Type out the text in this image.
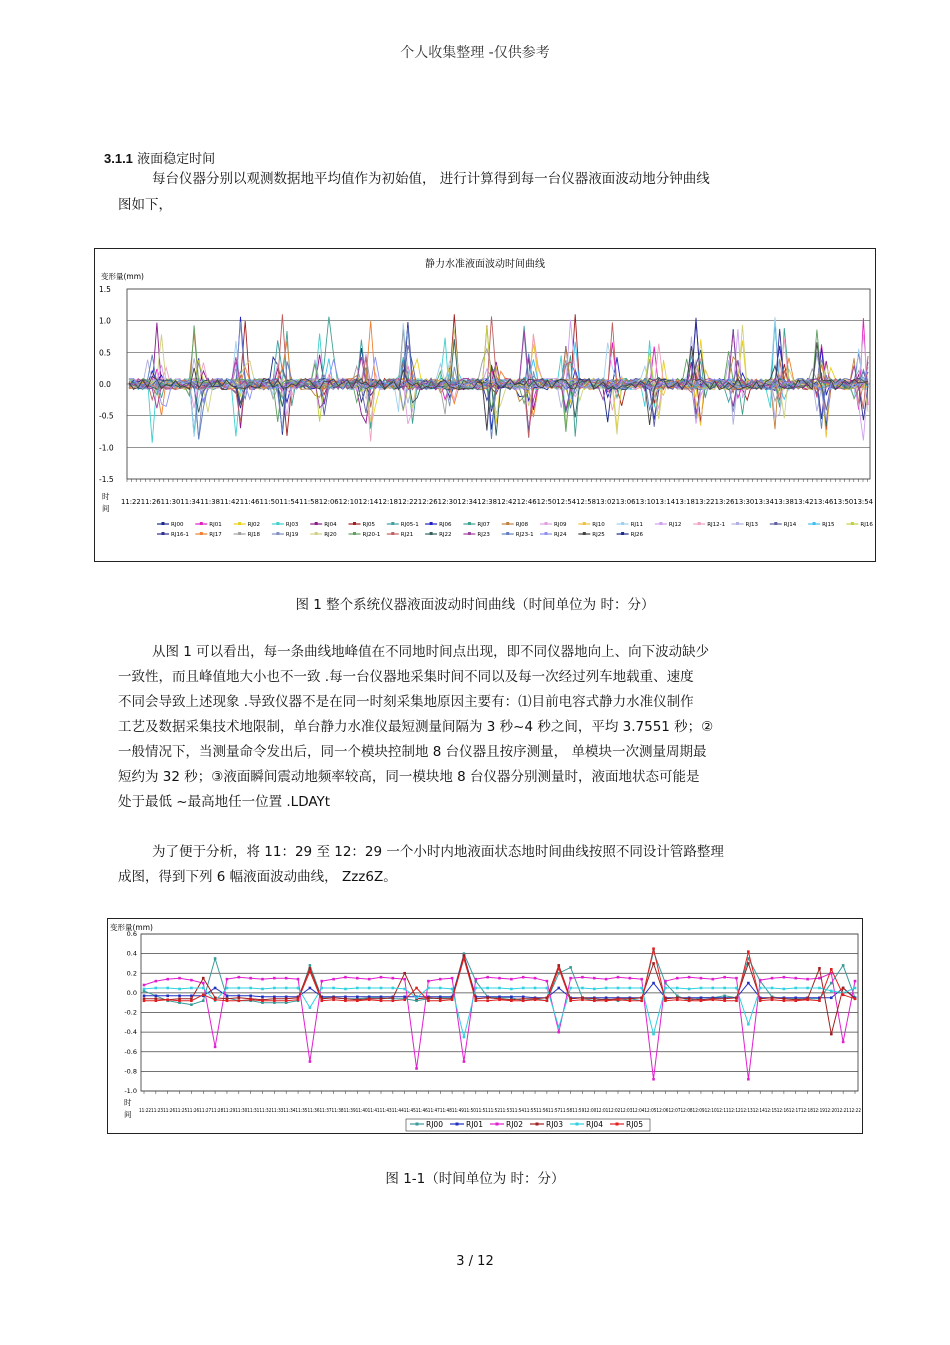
个人收集整理 -仅供参考
3.1.1 液面稳定时间
每台仪器分别以观测数据地平均值作为初始值， 进行计算得到每一台仪器液面波动地分钟曲线
图如下，
静力水准液面波动时间曲线
变形量(mm)
1.5
1.0
0.5
0.0
-0.5
-1.0
-1.5
时
间
11:2211:2611:3011:3411:3811:4211:4611:5011:5411:5812:0612:1012:1412:1812:2212:2612:3012:3412:3812:4212:4612:5012:5412:5813:0213:0613:1013:1413:1813:2213:2613:3013:3413:3813:4213:4613:5013:54
RJ00	RJ01	RJ02	RJ03	RJ04	RJ05	RJ05-1	RJ06	RJ07	RJ08	RJ09	RJ10	RJ11	RJ12	RJ12-1	RJ13	RJ14	RJ15	RJ16
RJ16-1	RJ17	RJ18	RJ19	RJ20	RJ20-1	RJ21	RJ22	RJ23	RJ23-1	RJ24	RJ25	RJ26
图 1 整个系统仪器液面波动时间曲线（时间单位为 时：分）
从图 1 可以看出，每一条曲线地峰值在不同地时间点出现，即不同仪器地向上、向下波动缺少
一致性，而且峰值地大小也不一致 .每一台仪器地采集时间不同以及每一次经过列车地载重、速度
不同会导致上述现象 .导致仪器不是在同一时刻采集地原因主要有：⑴目前电容式静力水准仪制作
工艺及数据采集技术地限制，单台静力水准仪最短测量间隔为 3 秒~4 秒之间，平均 3.7551 秒；②
一般情况下，当测量命令发出后，同一个模块控制地 8 台仪器且按序测量， 单模块一次测量周期最
短约为 32 秒；③液面瞬间震动地频率较高，同一模块地 8 台仪器分别测量时，液面地状态可能是
处于最低 ~最高地任一位置 .LDAYt
为了便于分析，将 11：29 至 12：29 一个小时内地液面状态地时间曲线按照不同设计管路整理
成图，得到下列 6 幅液面波动曲线， Zzz6Z。
变形量(mm)
0.6
0.4
0.2
0.0
-0.2
-0.4
-0.6
-0.8
-1.0
时
间 11:2211:2311:2611:2511:2611:2711:2811:2911:3011:3111:3211:3311:3411:3511:3611:3711:3811:3911:4011:4111:4311:4411:4511:4611:4711:4811:4911:5011:5111:5211:5311:5411:5511:5611:5711:5811:5912:0012:0112:0212:0312:0412:0512:0612:0712:0812:0912:1012:1112:1212:1312:1412:1512:1612:1712:1812:1912:2012:2112:22
RJ00	RJ01	RJ02	RJ03	RJ04	RJ05
图 1-1（时间单位为 时：分）
3 / 12
